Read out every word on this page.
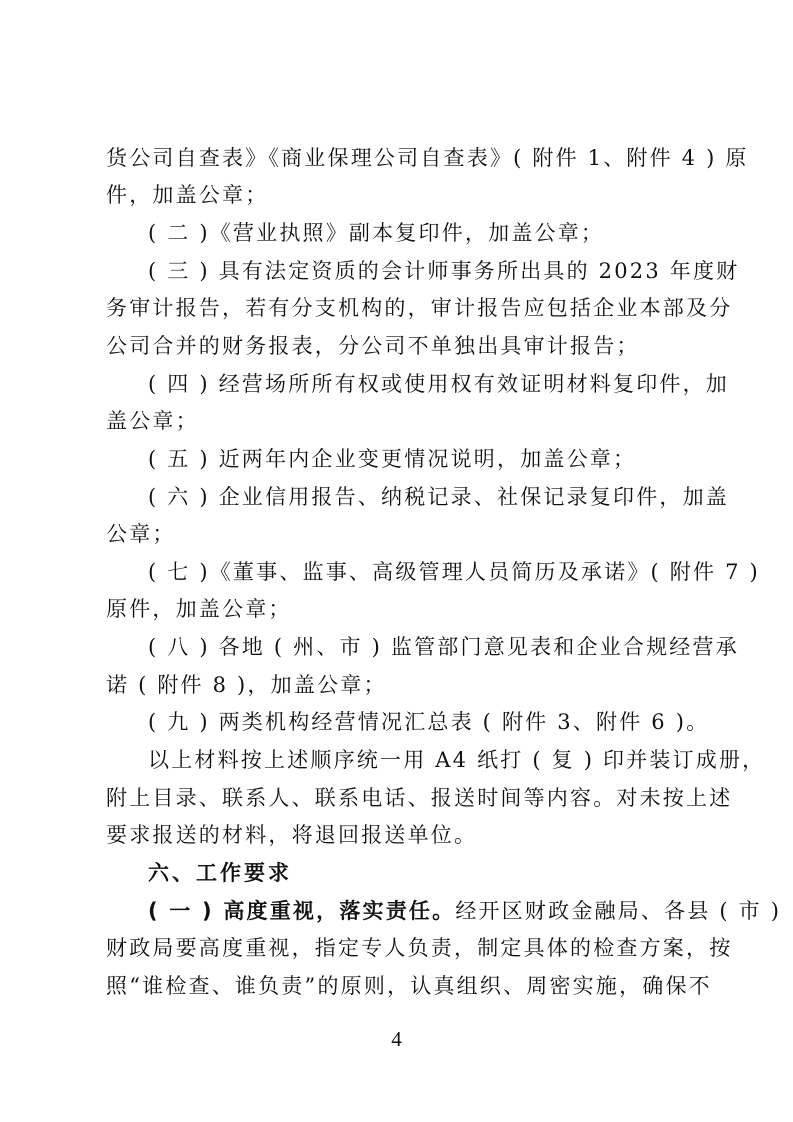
货公司自查表》《商业保理公司自查表》( 附件 1、附件 4 ) 原
件，加盖公章；
( 二 )《营业执照》副本复印件，加盖公章；
( 三 ) 具有法定资质的会计师事务所出具的 2023 年度财
务审计报告，若有分支机构的，审计报告应包括企业本部及分
公司合并的财务报表，分公司不单独出具审计报告；
( 四 ) 经营场所所有权或使用权有效证明材料复印件，加
盖公章；
( 五 ) 近两年内企业变更情况说明，加盖公章；
( 六 ) 企业信用报告、纳税记录、社保记录复印件，加盖
公章；
( 七 )《董事、监事、高级管理人员简历及承诺》( 附件 7 )
原件，加盖公章；
( 八 ) 各地 ( 州、市 ) 监管部门意见表和企业合规经营承
诺 ( 附件 8 )，加盖公章；
( 九 ) 两类机构经营情况汇总表 ( 附件 3、附件 6 )。
以上材料按上述顺序统一用 A4 纸打 ( 复 ) 印并装订成册，
附上目录、联系人、联系电话、报送时间等内容。对未按上述
要求报送的材料，将退回报送单位。
六、工作要求
( 一 ) 高度重视，落实责任。经开区财政金融局、各县 ( 市 )
财政局要高度重视，指定专人负责，制定具体的检查方案，按
照“谁检查、谁负责”的原则，认真组织、周密实施，确保不
4
